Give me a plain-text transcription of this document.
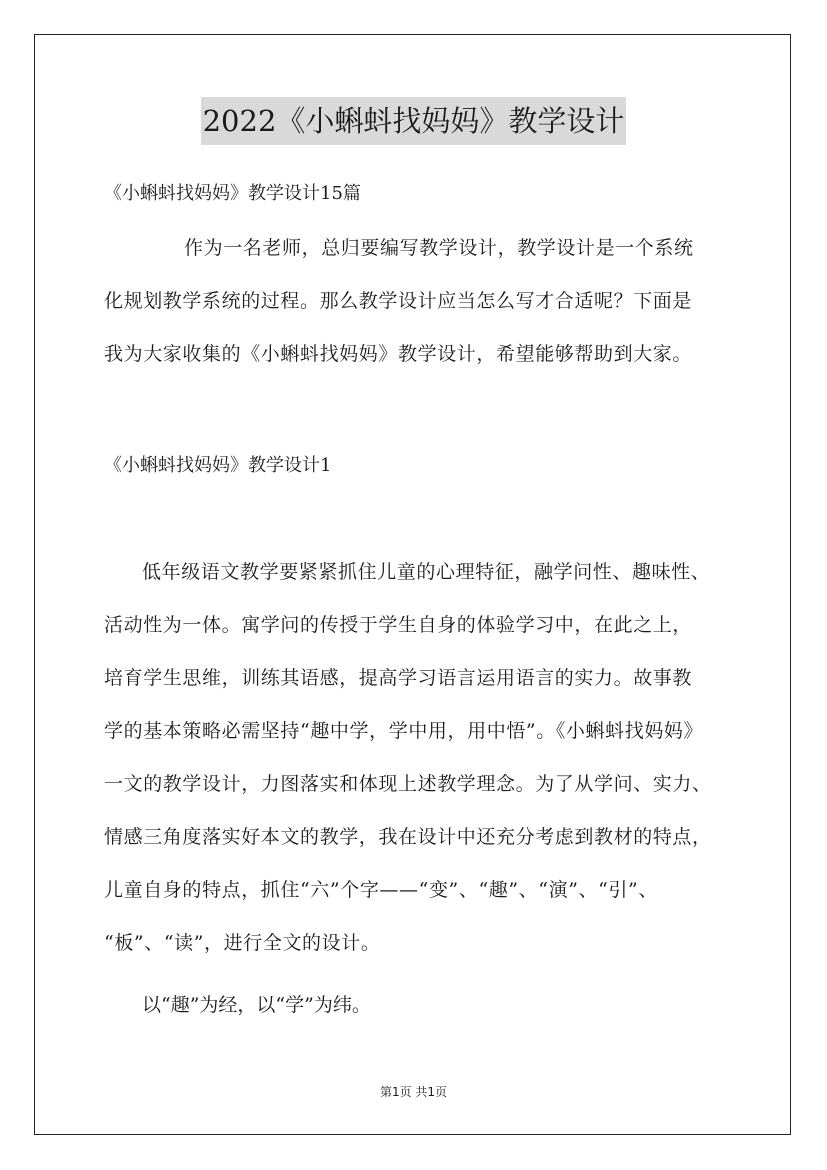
2022《小蝌蚪找妈妈》教学设计
《小蝌蚪找妈妈》教学设计15篇
作为一名老师，总归要编写教学设计，教学设计是一个系统
化规划教学系统的过程。那么教学设计应当怎么写才合适呢？下面是
我为大家收集的《小蝌蚪找妈妈》教学设计，希望能够帮助到大家。
《小蝌蚪找妈妈》教学设计1
低年级语文教学要紧紧抓住儿童的心理特征，融学问性、趣味性、
活动性为一体。寓学问的传授于学生自身的体验学习中，在此之上，
培育学生思维，训练其语感，提高学习语言运用语言的实力。故事教
学的基本策略必需坚持“趣中学，学中用，用中悟”。《小蝌蚪找妈妈》
一文的教学设计，力图落实和体现上述教学理念。为了从学问、实力、
情感三角度落实好本文的教学，我在设计中还充分考虑到教材的特点，
儿童自身的特点，抓住“六”个字——“变”、“趣”、“演”、“引”、
“板”、“读”，进行全文的设计。
以“趣”为经，以“学”为纬。
第1页 共1页
